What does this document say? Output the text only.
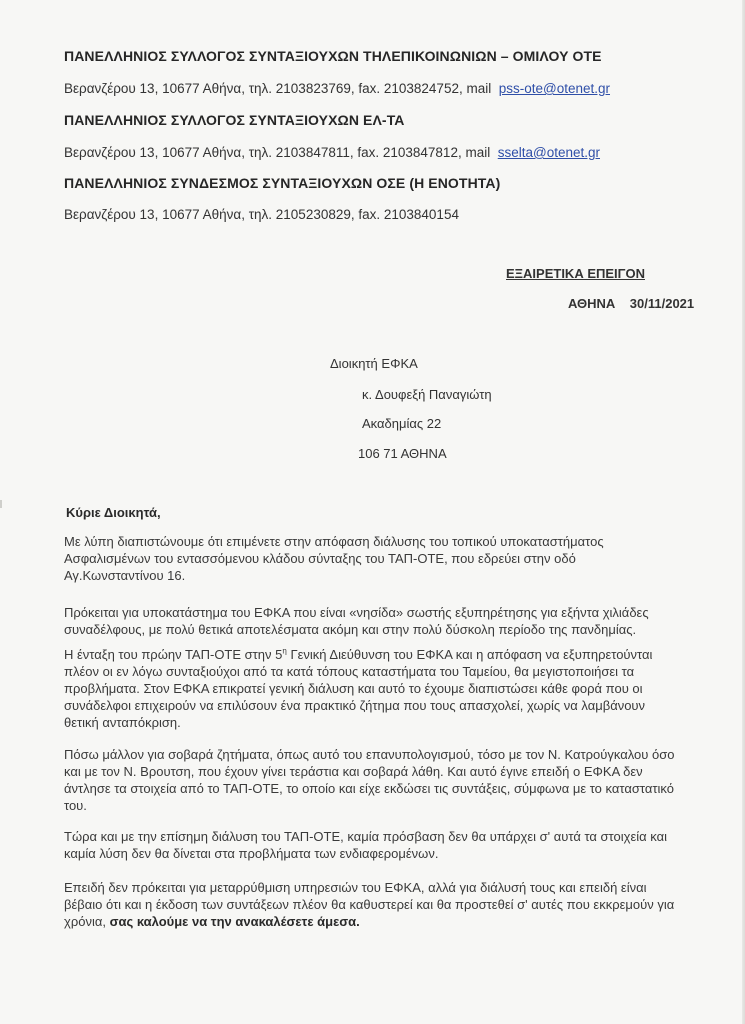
ΠΑΝΕΛΛΗΝΙΟΣ ΣΥΛΛΟΓΟΣ ΣΥΝΤΑΞΙΟΥΧΩΝ ΤΗΛΕΠΙΚΟΙΝΩΝΙΩΝ – ΟΜΙΛΟΥ ΟΤΕ
Βερανζέρου 13, 10677 Αθήνα, τηλ. 2103823769, fax. 2103824752, mail pss-ote@otenet.gr
ΠΑΝΕΛΛΗΝΙΟΣ ΣΥΛΛΟΓΟΣ ΣΥΝΤΑΞΙΟΥΧΩΝ ΕΛ-ΤΑ
Βερανζέρου 13, 10677 Αθήνα, τηλ. 2103847811, fax. 2103847812, mail sselta@otenet.gr
ΠΑΝΕΛΛΗΝΙΟΣ ΣΥΝΔΕΣΜΟΣ ΣΥΝΤΑΞΙΟΥΧΩΝ ΟΣΕ (Η ΕΝΟΤΗΤΑ)
Βερανζέρου 13, 10677 Αθήνα, τηλ. 2105230829, fax. 2103840154
ΕΞΑΙΡΕΤΙΚΑ ΕΠΕΙΓΟΝ
ΑΘΗΝΑ 30/11/2021
Διοικητή ΕΦΚΑ
κ. Δουφεξή Παναγιώτη
Ακαδημίας 22
106 71 ΑΘΗΝΑ
Κύριε Διοικητά,
Με λύπη διαπιστώνουμε ότι επιμένετε στην απόφαση διάλυσης του τοπικού υποκαταστήματος
Ασφαλισμένων του εντασσόμενου κλάδου σύνταξης του ΤΑΠ-ΟΤΕ, που εδρεύει στην οδό
Αγ.Κωνσταντίνου 16.
Πρόκειται για υποκατάστημα του ΕΦΚΑ που είναι «νησίδα» σωστής εξυπηρέτησης για εξήντα χιλιάδες
συναδέλφους, με πολύ θετικά αποτελέσματα ακόμη και στην πολύ δύσκολη περίοδο της πανδημίας.
Η ένταξη του πρώην ΤΑΠ-ΟΤΕ στην $5^\eta$ Γενική Διεύθυνση του ΕΦΚΑ και η απόφαση να εξυπηρετούνται
πλέον οι εν λόγω συνταξιούχοι από τα κατά τόπους καταστήματα του Ταμείου, θα μεγιστοποιήσει τα
προβλήματα. Στον ΕΦΚΑ επικρατεί γενική διάλυση και αυτό το έχουμε διαπιστώσει κάθε φορά που οι
συνάδελφοι επιχειρούν να επιλύσουν ένα πρακτικό ζήτημα που τους απασχολεί, χωρίς να λαμβάνουν
θετική ανταπόκριση.
Πόσω μάλλον για σοβαρά ζητήματα, όπως αυτό του επανυπολογισμού, τόσο με τον Ν. Κατρούγκαλου όσο
και με τον Ν. Βρουτση, που έχουν γίνει τεράστια και σοβαρά λάθη. Και αυτό έγινε επειδή ο ΕΦΚΑ δεν
άντλησε τα στοιχεία από το ΤΑΠ-ΟΤΕ, το οποίο και είχε εκδώσει τις συντάξεις, σύμφωνα με το καταστατικό
του.
Τώρα και με την επίσημη διάλυση του ΤΑΠ-ΟΤΕ, καμία πρόσβαση δεν θα υπάρχει σ' αυτά τα στοιχεία και
καμία λύση δεν θα δίνεται στα προβλήματα των ενδιαφερομένων.
Επειδή δεν πρόκειται για μεταρρύθμιση υπηρεσιών του ΕΦΚΑ, αλλά για διάλυσή τους και επειδή είναι
βέβαιο ότι και η έκδοση των συντάξεων πλέον θα καθυστερεί και θα προστεθεί σ' αυτές που εκκρεμούν για
χρόνια, σας καλούμε να την ανακαλέσετε άμεσα.
